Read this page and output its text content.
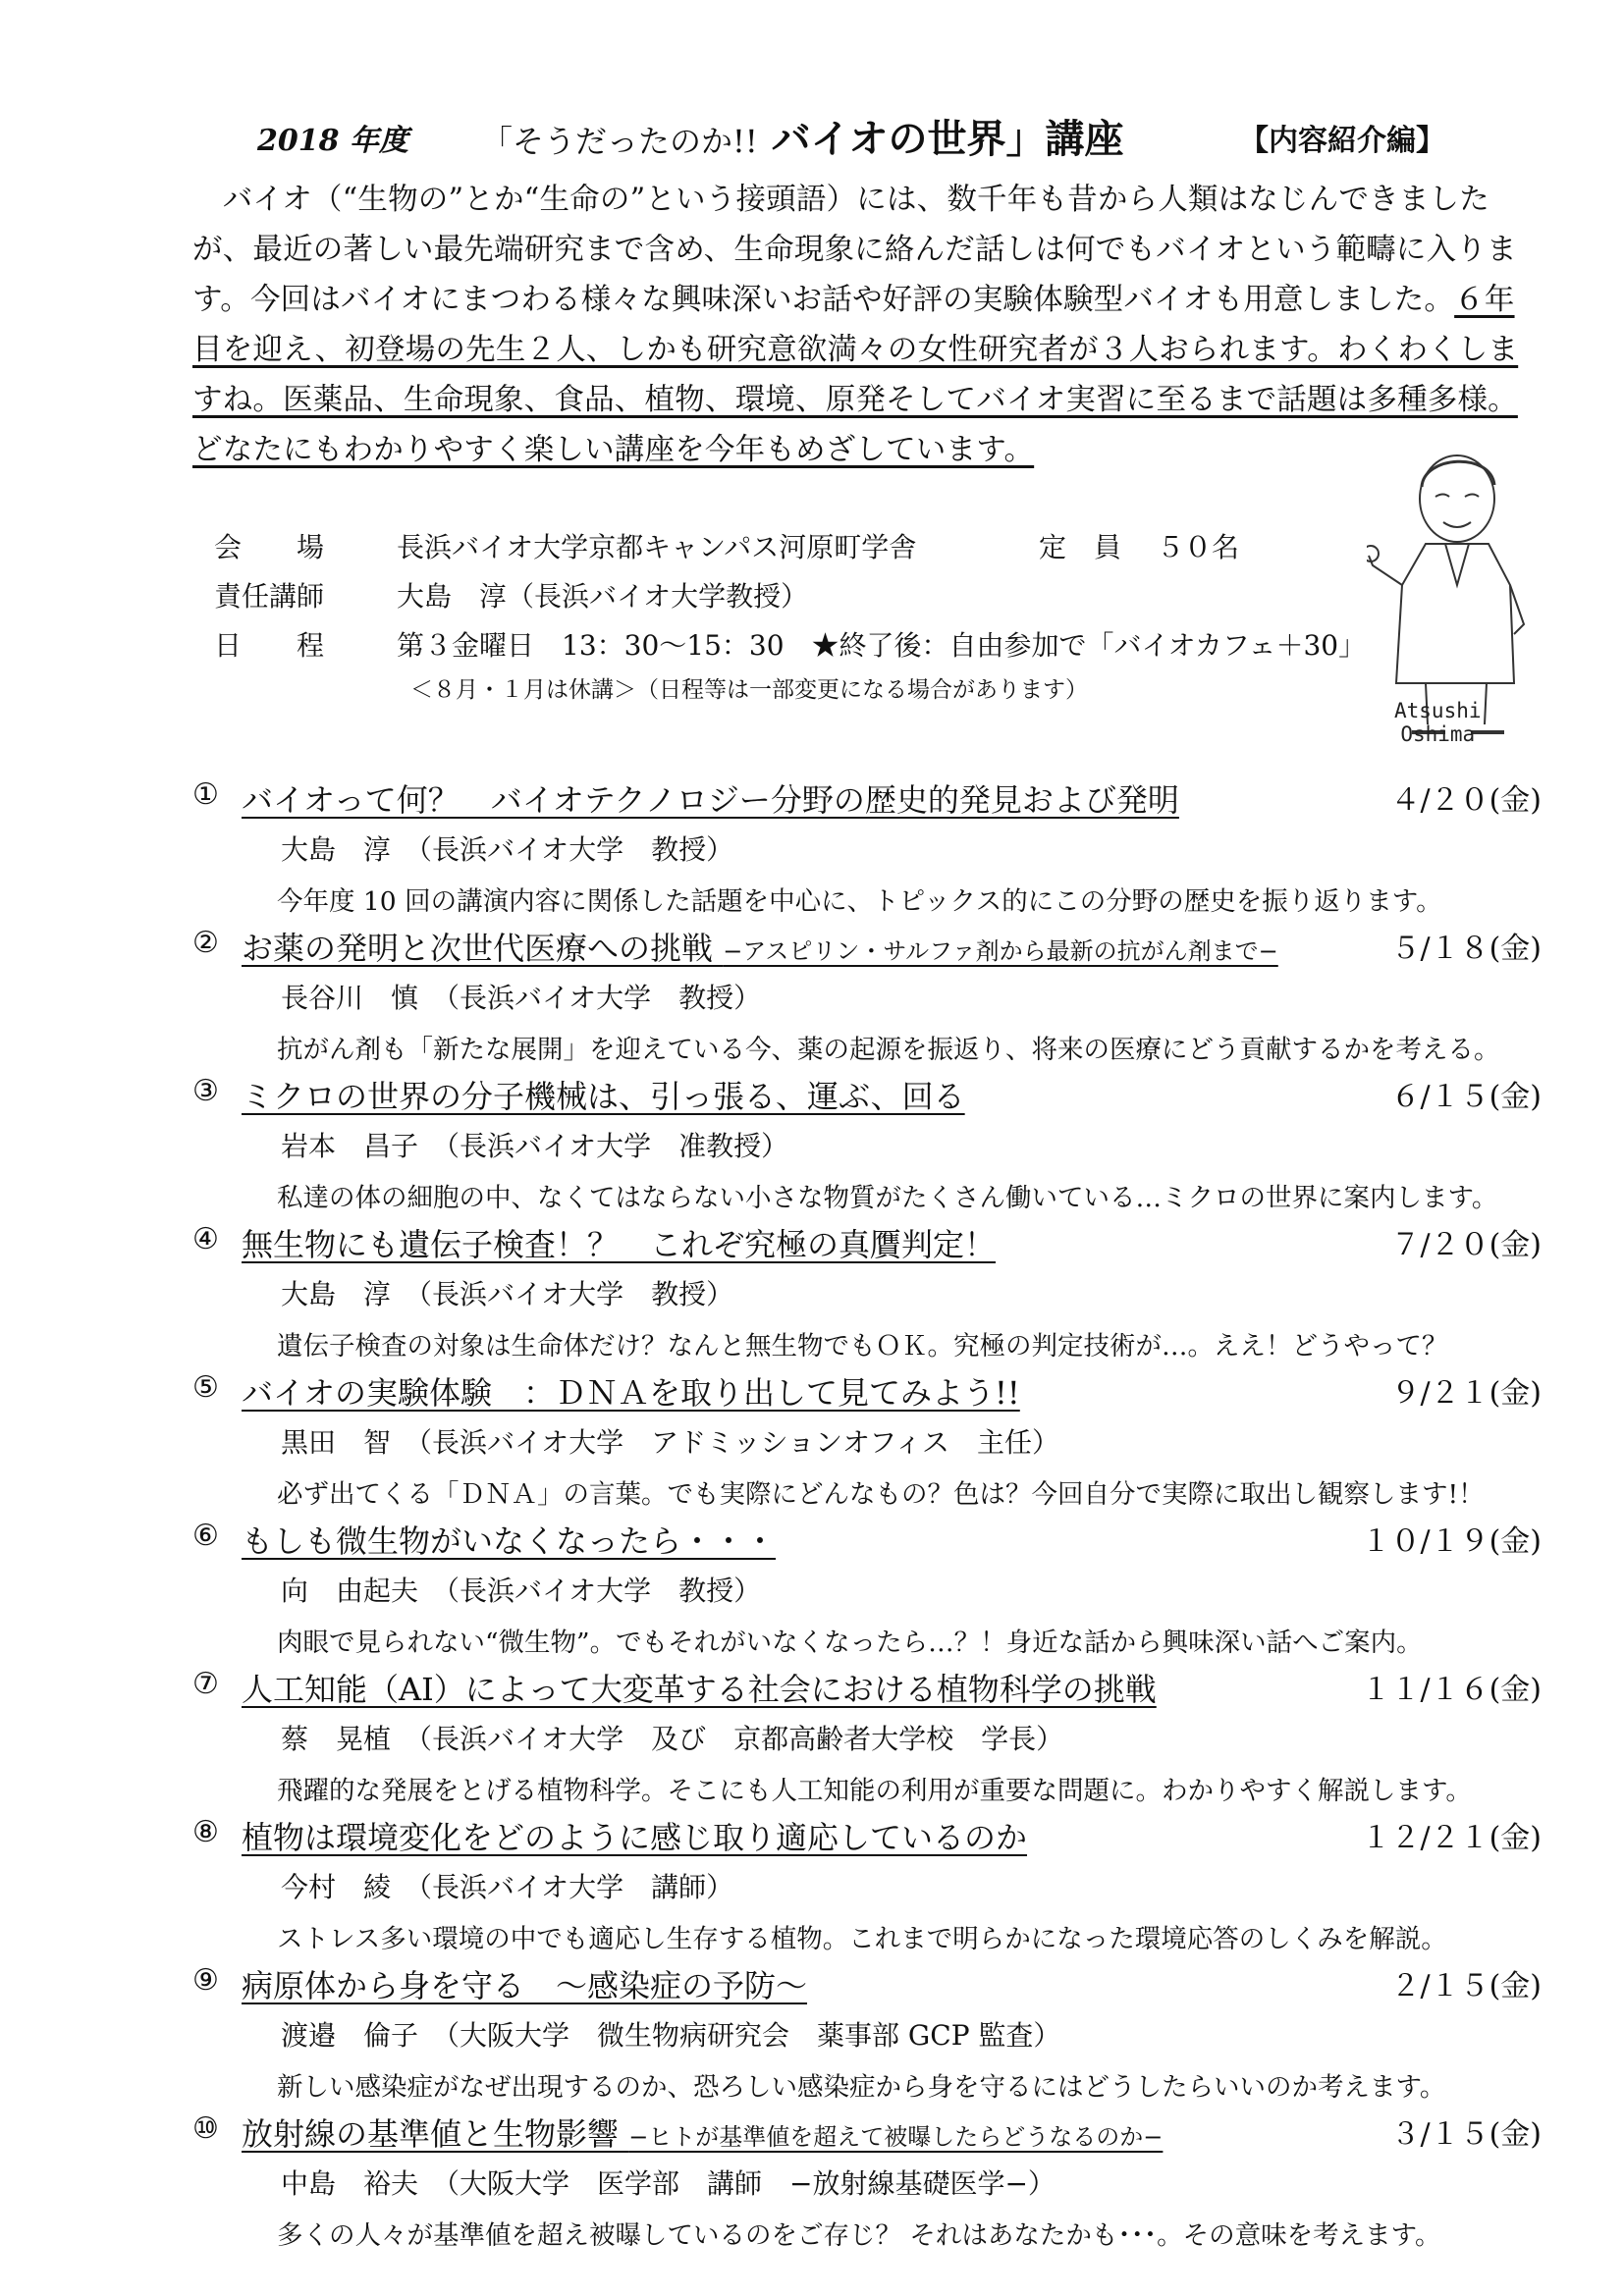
2018 年度 「そうだったのか!! バイオの世界」講座	【内容紹介編】
 バイオ（“生物の”とか“生命の”という接頭語）には、数千年も昔から人類はなじんできましたが、最近の著しい最先端研究まで含め、生命現象に絡んだ話しは何でもバイオという範疇に入ります。今回はバイオにまつわる様々な興味深いお話や好評の実験体験型バイオも用意しました。６年目を迎え、初登場の先生２人、しかも研究意欲満々の女性研究者が３人おられます。わくわくしますね。医薬品、生命現象、食品、植物、環境、原発そしてバイオ実習に至るまで話題は多種多様。どなたにもわかりやすく楽しい講座を今年もめざしています。
会　　場	長浜バイオ大学京都キャンパス河原町学舎	定　員 ５０名
責任講師	大島　淳（長浜バイオ大学教授）
日　　程	第３金曜日　13：30〜15：30　★終了後：自由参加で「バイオカフェ＋30」
＜８月・１月は休講＞（日程等は一部変更になる場合があります）
Atsushi
Oshima
① バイオって何？　バイオテクノロジー分野の歴史的発見および発明	４/２０(金)
大島　淳　（長浜バイオ大学　教授）
今年度 10 回の講演内容に関係した話題を中心に、トピックス的にこの分野の歴史を振り返ります。
② お薬の発明と次世代医療への挑戦 −アスピリン・サルファ剤から最新の抗がん剤まで−	５/１８(金)
長谷川　慎　（長浜バイオ大学　教授）
抗がん剤も「新たな展開」を迎えている今、薬の起源を振返り、将来の医療にどう貢献するかを考える。
③ ミクロの世界の分子機械は、引っ張る、運ぶ、回る	６/１５(金)
岩本　昌子　（長浜バイオ大学　准教授）
私達の体の細胞の中、なくてはならない小さな物質がたくさん働いている…ミクロの世界に案内します。
④ 無生物にも遺伝子検査！？　これぞ究極の真贋判定！	７/２０(金)
大島　淳　（長浜バイオ大学　教授）
遺伝子検査の対象は生命体だけ？なんと無生物でもＯＫ。究極の判定技術が…。ええ！どうやって？
⑤ バイオの実験体験　：ＤＮＡを取り出して見てみよう!!	９/２１(金)
黒田　智　（長浜バイオ大学　アドミッションオフィス　主任）
必ず出てくる「ＤＮＡ」の言葉。でも実際にどんなもの？色は？今回自分で実際に取出し観察します!！
⑥ もしも微生物がいなくなったら・・・	１０/１９(金)
向　由起夫　（長浜バイオ大学　教授）
肉眼で見られない“微生物”。でもそれがいなくなったら…？！身近な話から興味深い話へご案内。
⑦ 人工知能（AI）によって大変革する社会における植物科学の挑戦	１１/１６(金)
蔡　晃植　（長浜バイオ大学　及び　京都高齢者大学校　学長）
飛躍的な発展をとげる植物科学。そこにも人工知能の利用が重要な問題に。わかりやすく解説します。
⑧ 植物は環境変化をどのように感じ取り適応しているのか	１２/２１(金)
今村　綾　（長浜バイオ大学　講師）
ストレス多い環境の中でも適応し生存する植物。これまで明らかになった環境応答のしくみを解説。
⑨ 病原体から身を守る　〜感染症の予防〜	２/１５(金)
渡邉　倫子　（大阪大学　微生物病研究会　薬事部 GCP 監査）
新しい感染症がなぜ出現するのか、恐ろしい感染症から身を守るにはどうしたらいいのか考えます。
⑩ 放射線の基準値と生物影響 −ヒトが基準値を超えて被曝したらどうなるのか−	３/１５(金)
中島　裕夫　（大阪大学　医学部　講師　−放射線基礎医学−）
多くの人々が基準値を超え被曝しているのをご存じ？ それはあなたかも･･･。その意味を考えます。
